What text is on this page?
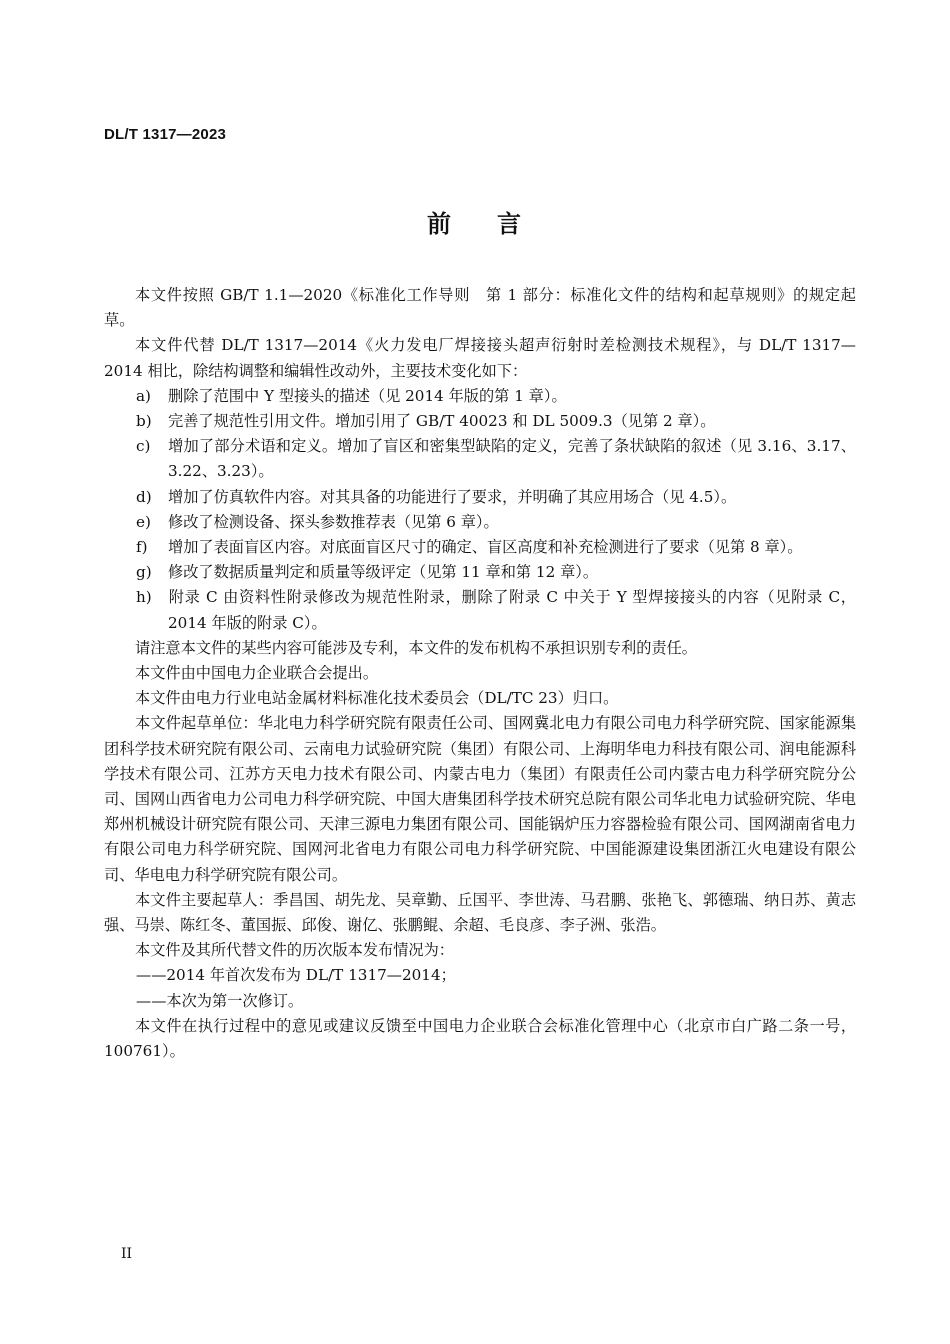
DL/T 1317—2023
前 言

本文件按照 GB/T 1.1—2020《标准化工作导则　第 1 部分：标准化文件的结构和起草规则》的规定起草。

本文件代替 DL/T 1317—2014《火力发电厂焊接接头超声衍射时差检测技术规程》，与 DL/T 1317—2014 相比，除结构调整和编辑性改动外，主要技术变化如下：

a) 删除了范围中 Y 型接头的描述（见 2014 年版的第 1 章）。

b) 完善了规范性引用文件。增加引用了 GB/T 40023 和 DL 5009.3（见第 2 章）。

c) 增加了部分术语和定义。增加了盲区和密集型缺陷的定义，完善了条状缺陷的叙述（见 3.16、3.17、3.22、3.23）。

d) 增加了仿真软件内容。对其具备的功能进行了要求，并明确了其应用场合（见 4.5）。

e) 修改了检测设备、探头参数推荐表（见第 6 章）。

f) 增加了表面盲区内容。对底面盲区尺寸的确定、盲区高度和补充检测进行了要求（见第 8 章）。

g) 修改了数据质量判定和质量等级评定（见第 11 章和第 12 章）。

h) 附录 C 由资料性附录修改为规范性附录，删除了附录 C 中关于 Y 型焊接接头的内容（见附录 C，2014 年版的附录 C）。

请注意本文件的某些内容可能涉及专利，本文件的发布机构不承担识别专利的责任。

本文件由中国电力企业联合会提出。

本文件由电力行业电站金属材料标准化技术委员会（DL/TC 23）归口。

本文件起草单位：华北电力科学研究院有限责任公司、国网冀北电力有限公司电力科学研究院、国家能源集团科学技术研究院有限公司、云南电力试验研究院（集团）有限公司、上海明华电力科技有限公司、润电能源科学技术有限公司、江苏方天电力技术有限公司、内蒙古电力（集团）有限责任公司内蒙古电力科学研究院分公司、国网山西省电力公司电力科学研究院、中国大唐集团科学技术研究总院有限公司华北电力试验研究院、华电郑州机械设计研究院有限公司、天津三源电力集团有限公司、国能锅炉压力容器检验有限公司、国网湖南省电力有限公司电力科学研究院、国网河北省电力有限公司电力科学研究院、中国能源建设集团浙江火电建设有限公司、华电电力科学研究院有限公司。

本文件主要起草人：季昌国、胡先龙、吴章勤、丘国平、李世涛、马君鹏、张艳飞、郭德瑞、纳日苏、黄志强、马崇、陈红冬、董国振、邱俊、谢亿、张鹏鲲、余超、毛良彦、李子洲、张浩。

本文件及其所代替文件的历次版本发布情况为：

——2014 年首次发布为 DL/T 1317—2014；

——本次为第一次修订。

本文件在执行过程中的意见或建议反馈至中国电力企业联合会标准化管理中心（北京市白广路二条一号，100761）。

II
